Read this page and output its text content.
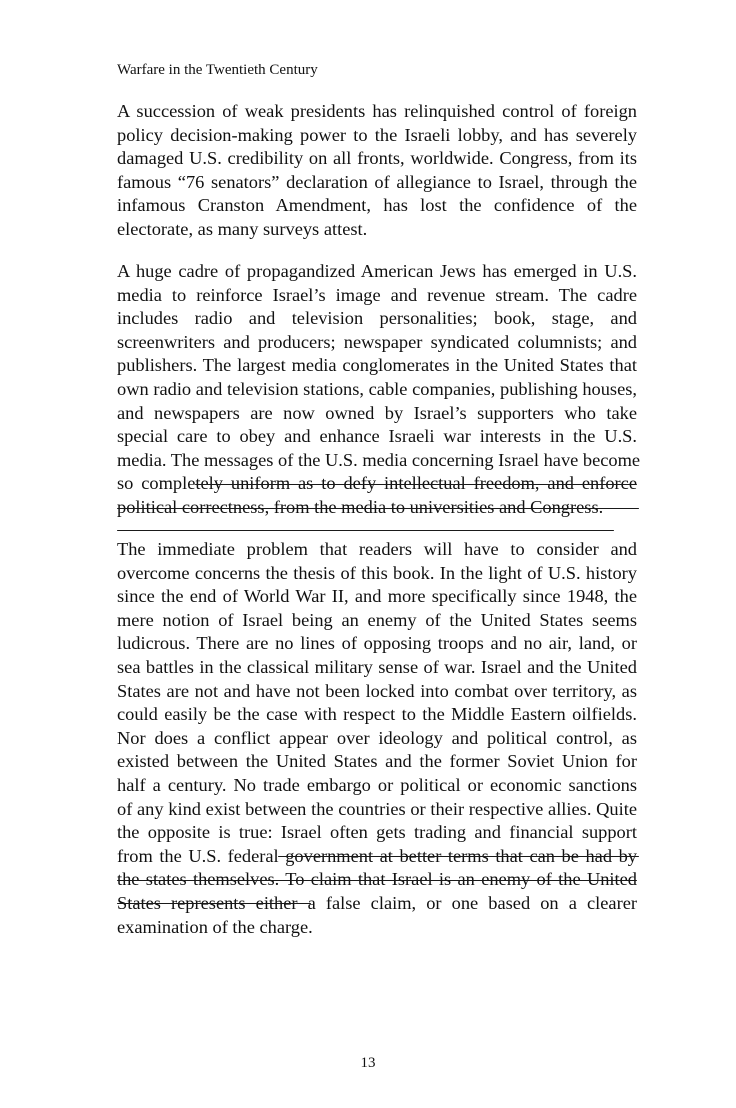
Warfare in the Twentieth Century
A succession of weak presidents has relinquished control of foreign
policy decision-making power to the Israeli lobby, and has severely
damaged U.S. credibility on all fronts, worldwide. Congress, from its
famous “76 senators” declaration of allegiance to Israel, through the
infamous Cranston Amendment, has lost the confidence of the
electorate, as many surveys attest.
A huge cadre of propagandized American Jews has emerged in U.S.
media to reinforce Israel’s image and revenue stream. The cadre
includes radio and television personalities; book, stage, and
screenwriters and producers; newspaper syndicated columnists; and
publishers. The largest media conglomerates in the United States that
own radio and television stations, cable companies, publishing houses,
and newspapers are now owned by Israel’s supporters who take
special care to obey and enhance Israeli war interests in the U.S.
media. The messages of the U.S. media concerning Israel have become
so completely uniform as to defy intellectual freedom, and enforce
political correctness, from the media to universities and Congress.
The immediate problem that readers will have to consider and
overcome concerns the thesis of this book. In the light of U.S. history
since the end of World War II, and more specifically since 1948, the
mere notion of Israel being an enemy of the United States seems
ludicrous. There are no lines of opposing troops and no air, land, or
sea battles in the classical military sense of war. Israel and the United
States are not and have not been locked into combat over territory, as
could easily be the case with respect to the Middle Eastern oilfields.
Nor does a conflict appear over ideology and political control, as
existed between the United States and the former Soviet Union for
half a century. No trade embargo or political or economic sanctions
of any kind exist between the countries or their respective allies. Quite
the opposite is true: Israel often gets trading and financial support
from the U.S. federal government at better terms that can be had by
the states themselves. To claim that Israel is an enemy of the United
States represents either a false claim, or one based on a clearer
examination of the charge.
13
